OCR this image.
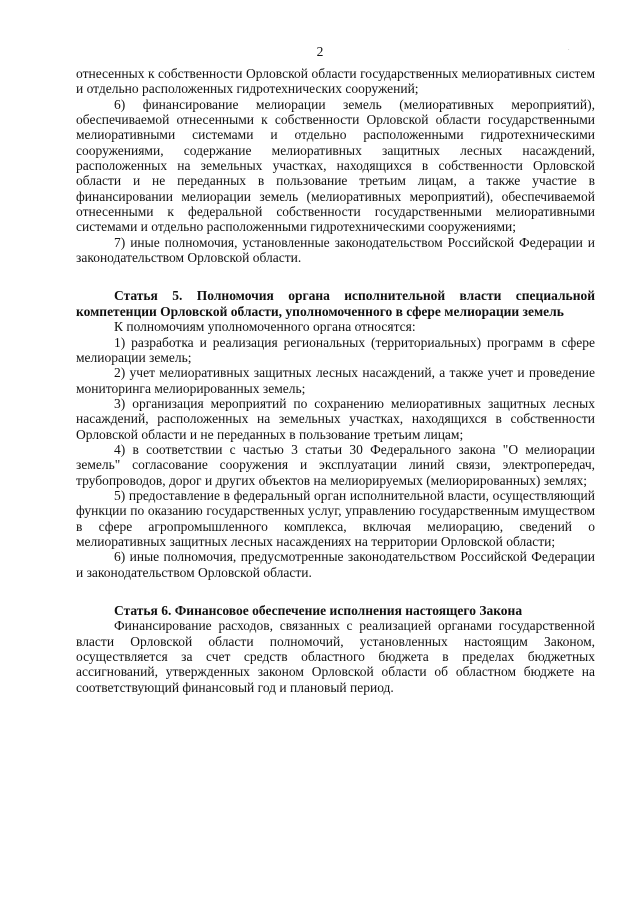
2	.

отнесенных к собственности Орловской области государственных мелиоративных систем и отдельно расположенных гидротехнических сооружений;

6) финансирование мелиорации земель (мелиоративных мероприятий), обеспечиваемой отнесенными к собственности Орловской области государственными мелиоративными системами и отдельно расположенными гидротехническими сооружениями, содержание мелиоративных защитных лесных насаждений, расположенных на земельных участках, находящихся в собственности Орловской области и не переданных в пользование третьим лицам, а также участие в финансировании мелиорации земель (мелиоративных мероприятий), обеспечиваемой отнесенными к федеральной собственности государственными мелиоративными системами и отдельно расположенными гидротехническими сооружениями;

7) иные полномочия, установленные законодательством Российской Федерации и законодательством Орловской области.

Статья 5. Полномочия органа исполнительной власти специальной компетенции Орловской области, уполномоченного в сфере мелиорации земель

К полномочиям уполномоченного органа относятся:

1) разработка и реализация региональных (территориальных) программ в сфере мелиорации земель;

2) учет мелиоративных защитных лесных насаждений, а также учет и проведение мониторинга мелиорированных земель;

3) организация мероприятий по сохранению мелиоративных защитных лесных насаждений, расположенных на земельных участках, находящихся в собственности Орловской области и не переданных в пользование третьим лицам;

4) в соответствии с частью 3 статьи 30 Федерального закона "О мелиорации земель" согласование сооружения и эксплуатации линий связи, электропередач, трубопроводов, дорог и других объектов на мелиорируемых (мелиорированных) землях;

5) предоставление в федеральный орган исполнительной власти, осуществляющий функции по оказанию государственных услуг, управлению государственным имуществом в сфере агропромышленного комплекса, включая мелиорацию, сведений о мелиоративных защитных лесных насаждениях на территории Орловской области;

6) иные полномочия, предусмотренные законодательством Российской Федерации и законодательством Орловской области.

Статья 6. Финансовое обеспечение исполнения настоящего Закона

Финансирование расходов, связанных с реализацией органами государственной власти Орловской области полномочий, установленных настоящим Законом, осуществляется за счет средств областного бюджета в пределах бюджетных ассигнований, утвержденных законом Орловской области об областном бюджете на соответствующий финансовый год и плановый период.
